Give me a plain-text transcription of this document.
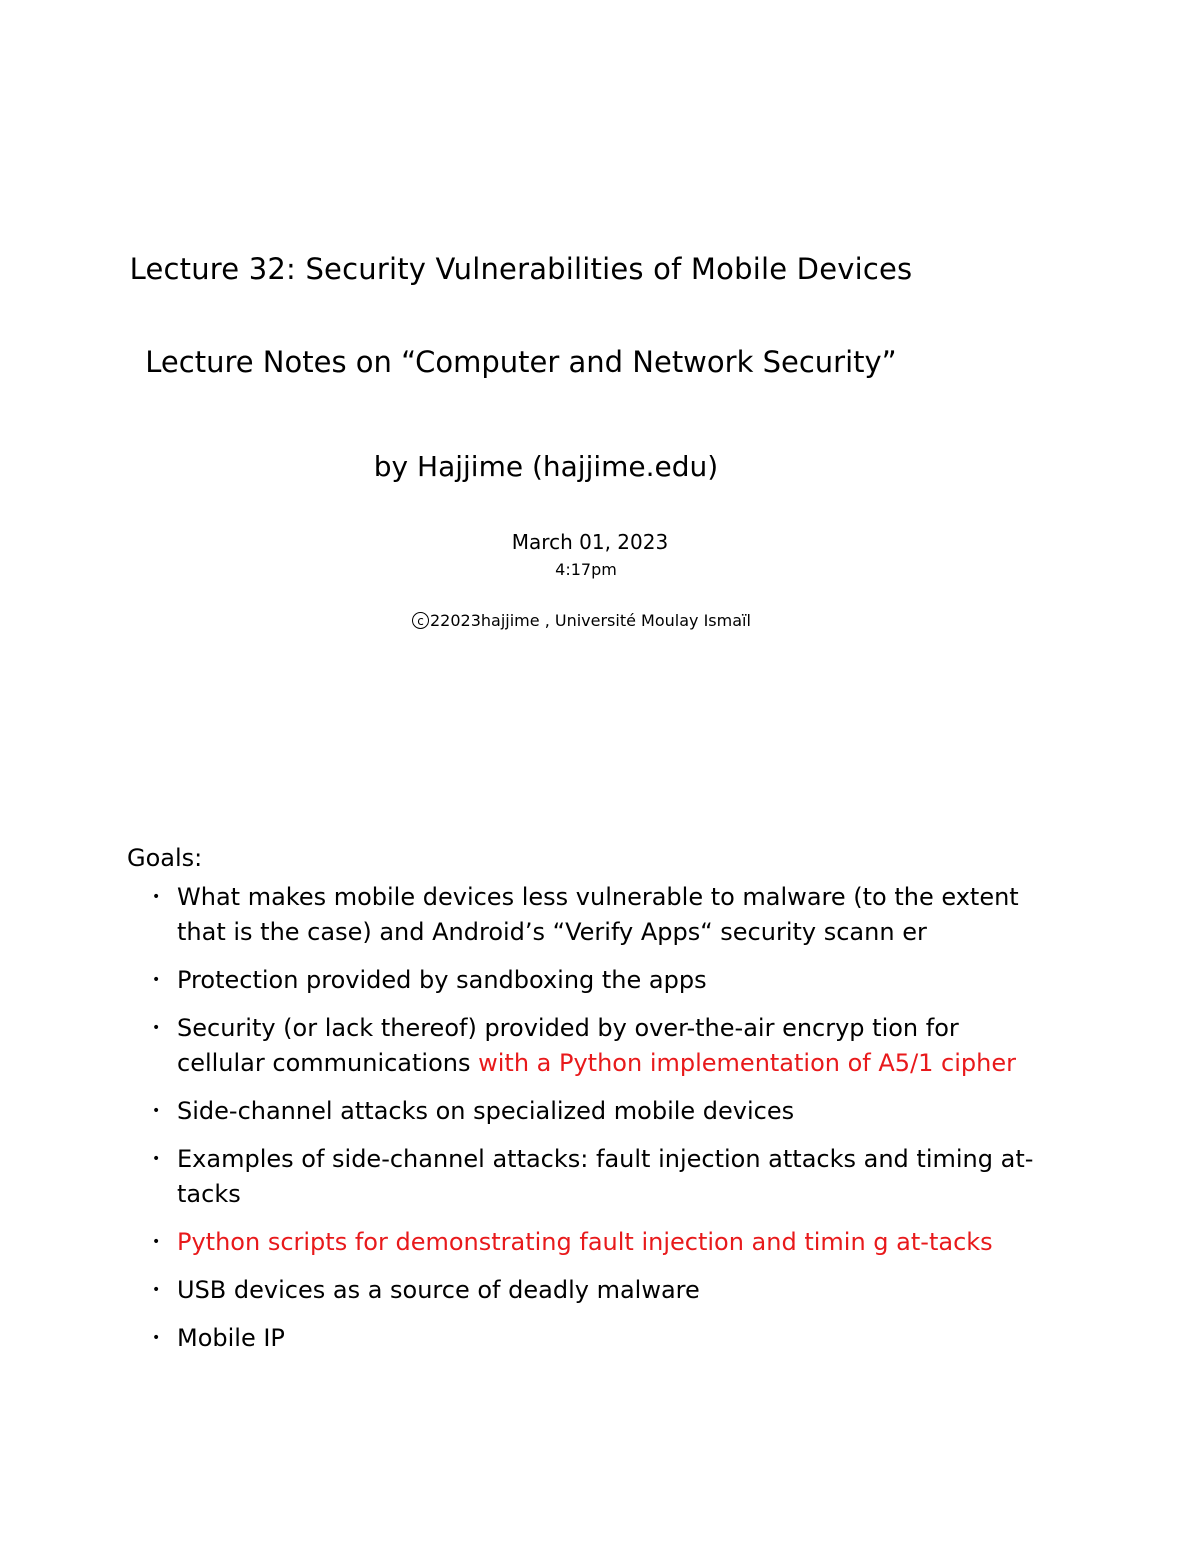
Lecture 32: Security Vulnerabilities of Mobile Devices
Lecture Notes on “Computer and Network Security”
by Hajjime (hajjime.edu)
March 01, 2023
4:17pm
c 22023hajjime , Université Moulay Ismaïl
Goals:
• What makes mobile devices less vulnerable to malware (to the extent that is the case) and Android’s “Verify Apps“ security scann er
• Protection provided by sandboxing the apps
• Security (or lack thereof) provided by over-the-air encryp tion for cellular communications with a Python implementation of A5/1 cipher
• Side-channel attacks on specialized mobile devices
• Examples of side-channel attacks: fault injection attacks and timing at-tacks
• Python scripts for demonstrating fault injection and timin g at-tacks
• USB devices as a source of deadly malware
• Mobile IP
